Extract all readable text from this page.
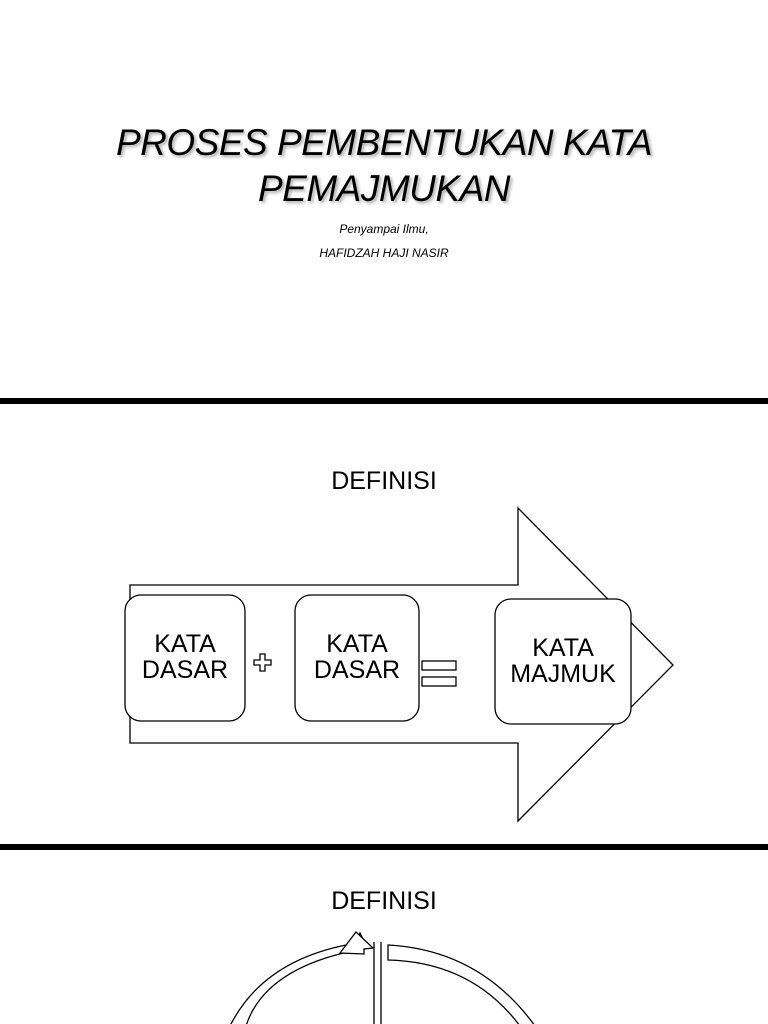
PROSES PEMBENTUKAN KATA
PEMAJMUKAN
Penyampai Ilmu,
HAFIDZAH HAJI NASIR
DEFINISI
KATA
DASAR
KATA
DASAR
KATA
MAJMUK
DEFINISI
